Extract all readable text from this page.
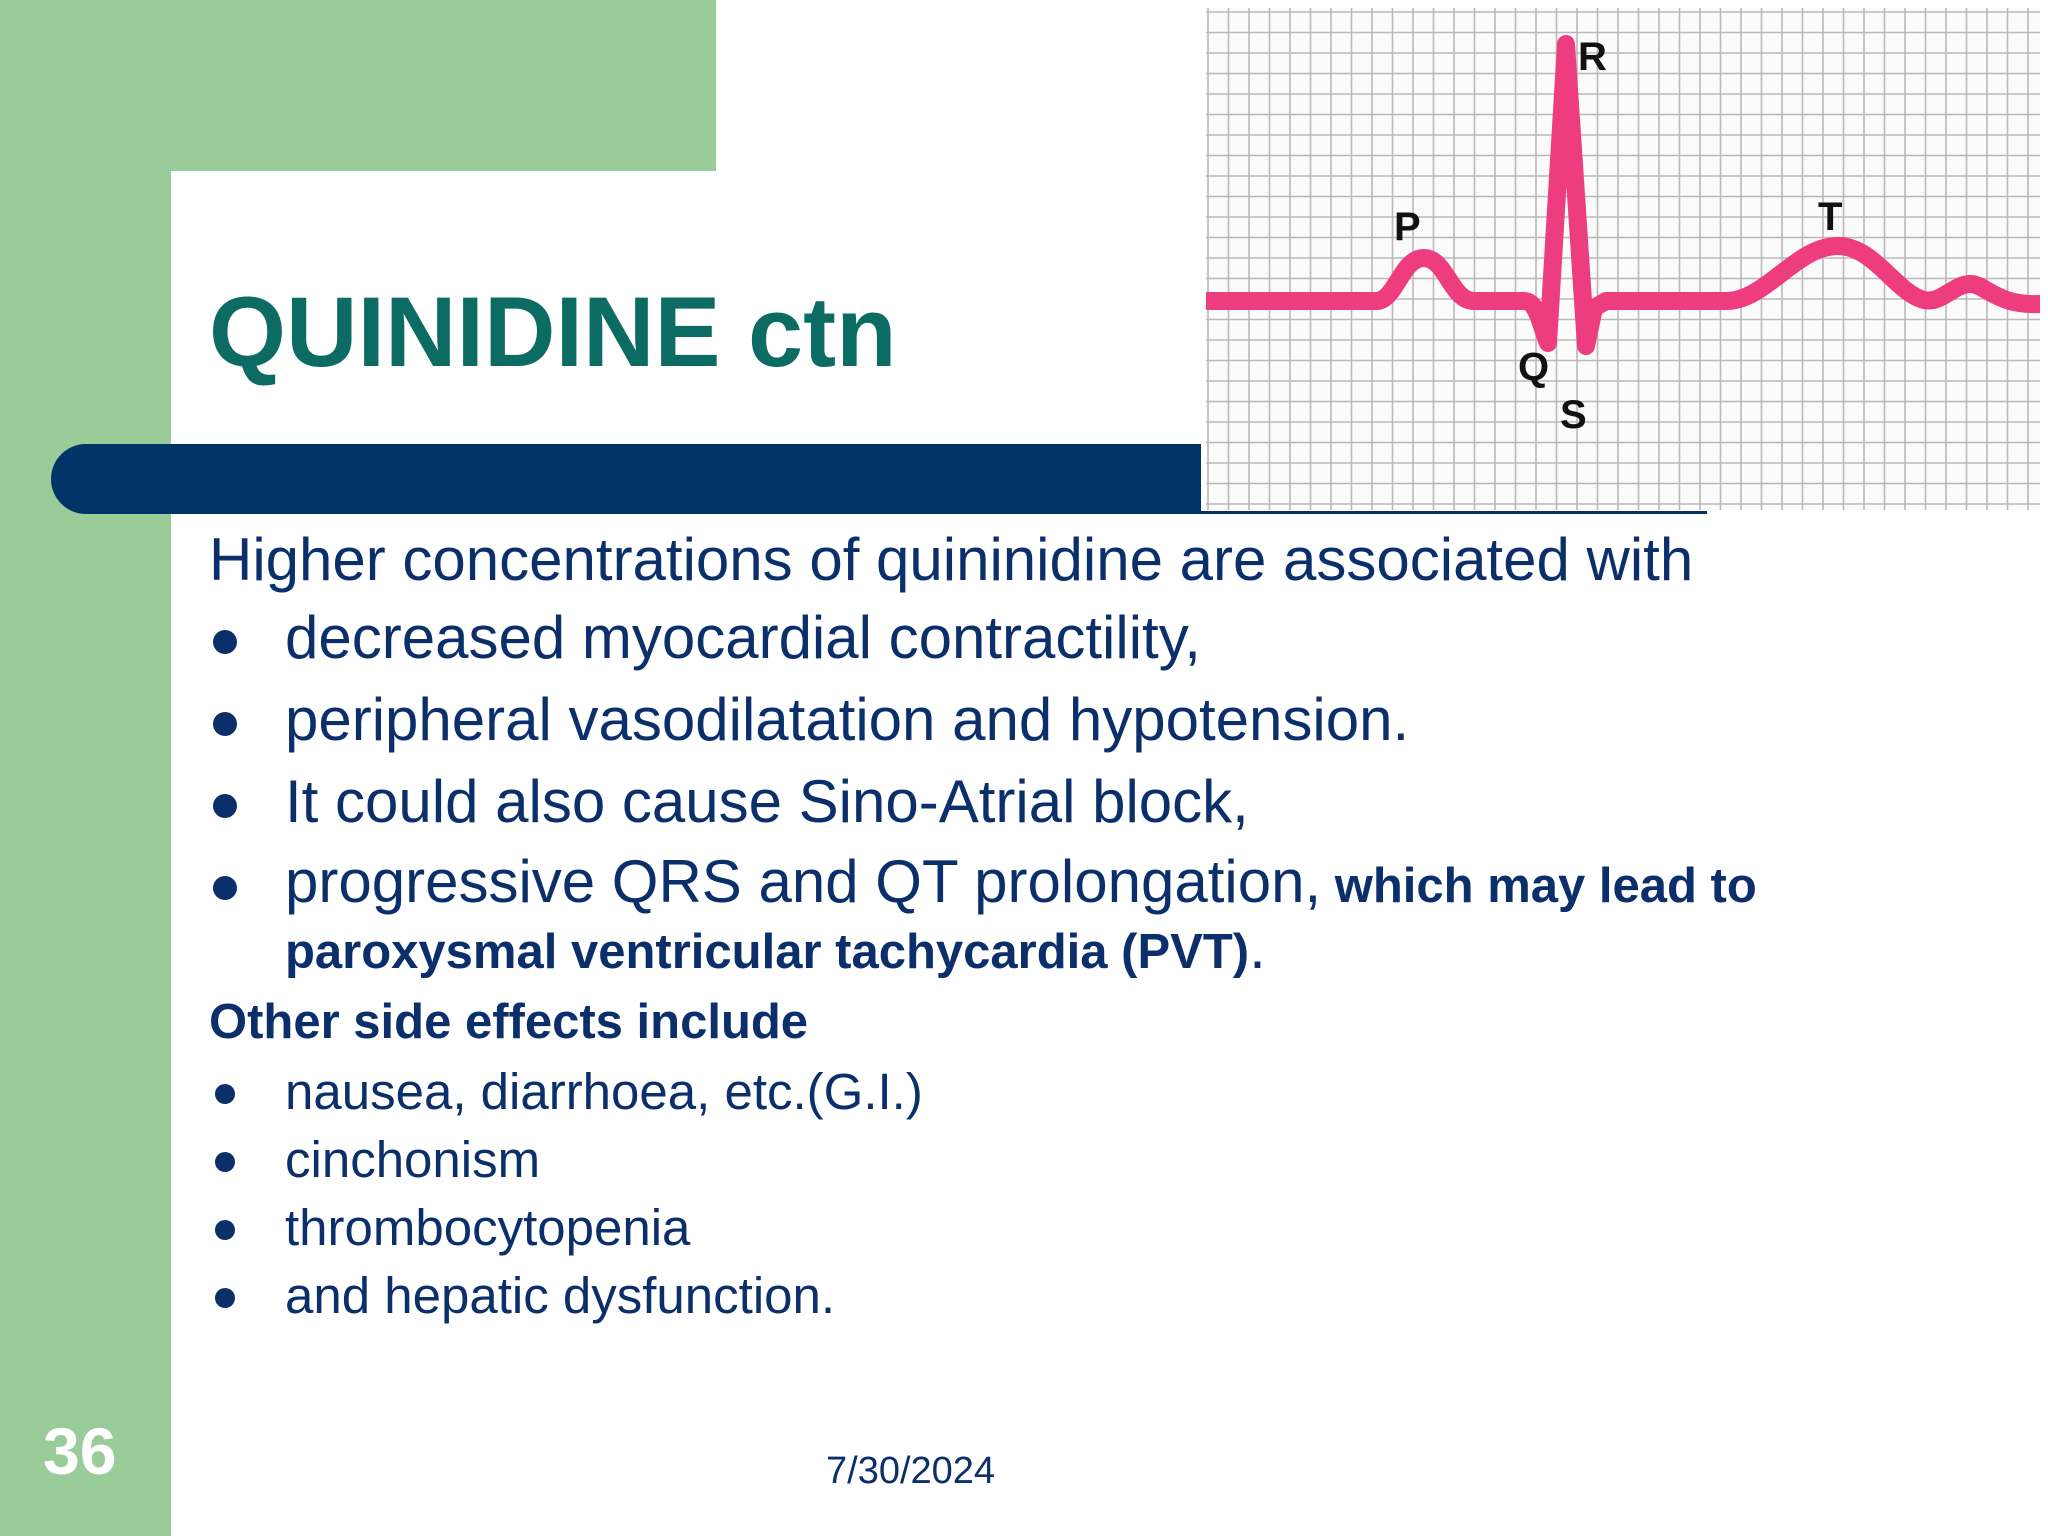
QUINIDINE ctn
R
P	T
Q
S

Higher concentrations of quininidine are associated with

decreased myocardial contractility,
peripheral vasodilatation and hypotension.
It could also cause Sino-Atrial block,
progressive QRS and QT prolongation, which may lead to paroxysmal ventricular tachycardia (PVT).

Other side effects include

nausea, diarrhoea, etc.(G.I.)
cinchonism
thrombocytopenia
and hepatic dysfunction.
36	7/30/2024
